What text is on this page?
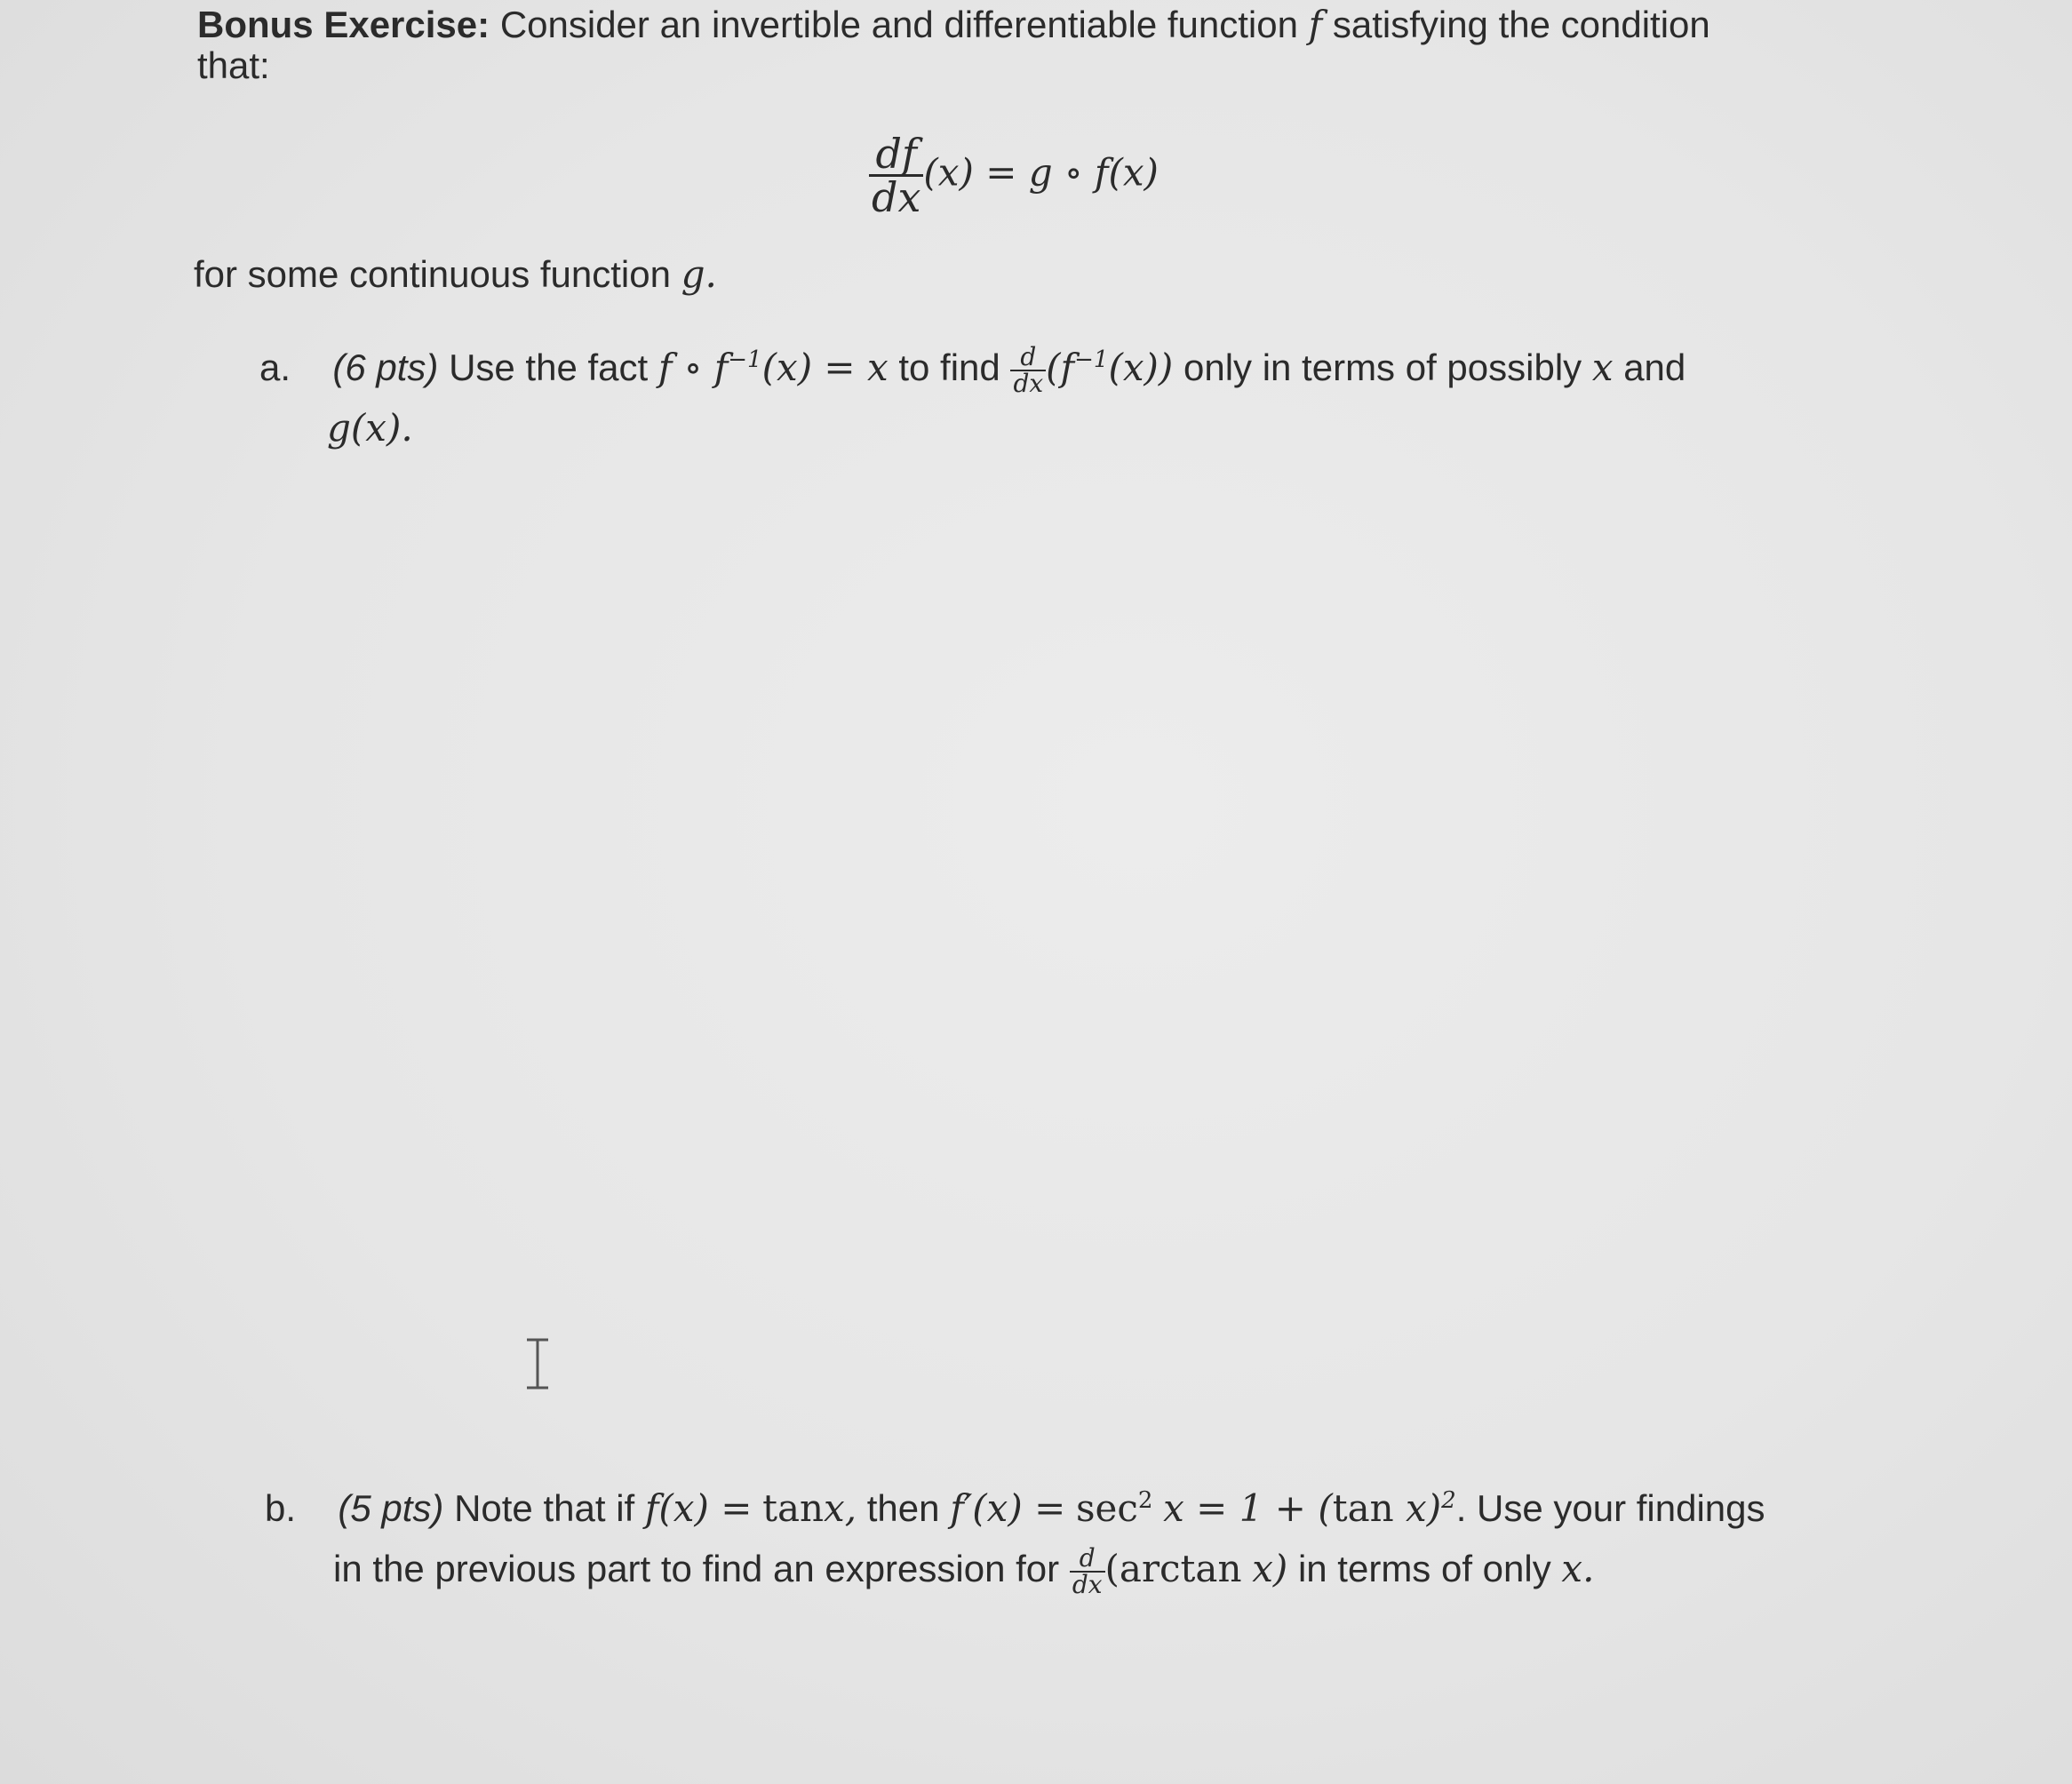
Bonus Exercise: Consider an invertible and differentiable function f satisfying the condition
that:
$\frac{df}{dx} (x) = g$ ∘ f(x)
for some continuous function g.
a. (6 pts) Use the fact f ∘ $f^{-1}(x) = x$ to find $\frac{d}{dx} (f^{-1}(x))$ only in terms of possibly x and
g(x).
b. (5 pts) Note that if f(x) = tanx, then $f'(x) = \sec^2 x = 1 + (\tan$ x)$^2$. Use your findings
in the previous part to find an expression for $\frac{d}{dx} (\arctan$ x) in terms of only x.
